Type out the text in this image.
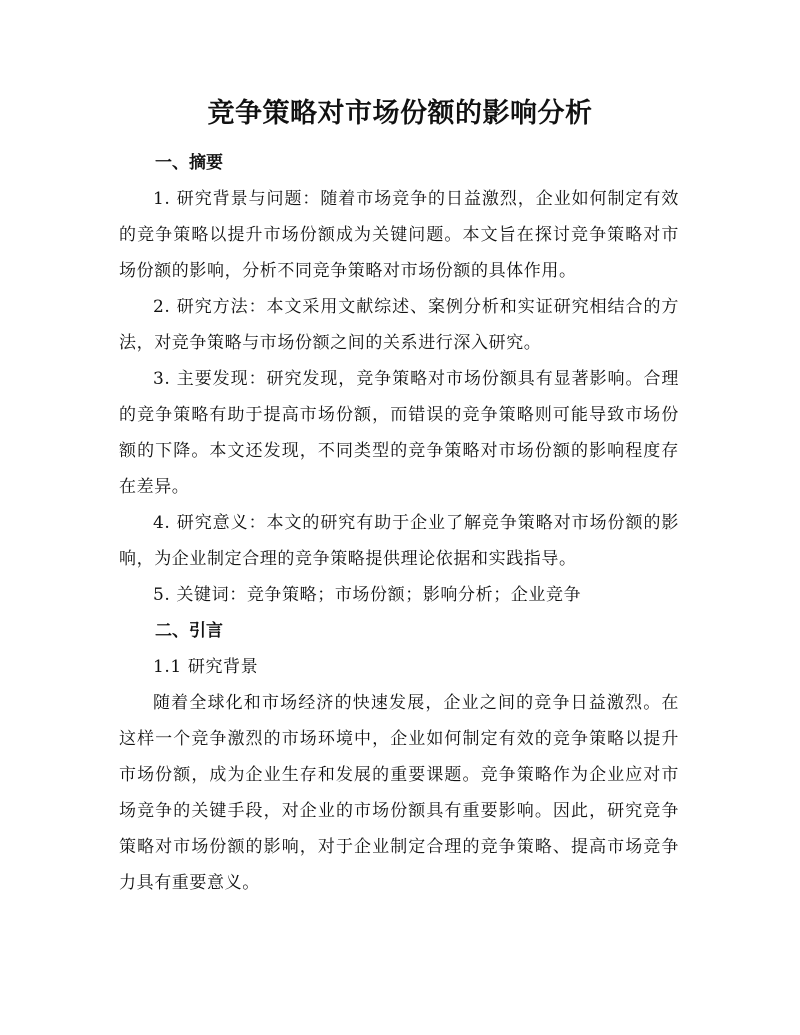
竞争策略对市场份额的影响分析

一、摘要

1. 研究背景与问题：随着市场竞争的日益激烈，企业如何制定有效的竞争策略以提升市场份额成为关键问题。本文旨在探讨竞争策略对市场份额的影响，分析不同竞争策略对市场份额的具体作用。

2. 研究方法：本文采用文献综述、案例分析和实证研究相结合的方法，对竞争策略与市场份额之间的关系进行深入研究。

3. 主要发现：研究发现，竞争策略对市场份额具有显著影响。合理的竞争策略有助于提高市场份额，而错误的竞争策略则可能导致市场份额的下降。本文还发现，不同类型的竞争策略对市场份额的影响程度存在差异。

4. 研究意义：本文的研究有助于企业了解竞争策略对市场份额的影响，为企业制定合理的竞争策略提供理论依据和实践指导。

5. 关键词：竞争策略；市场份额；影响分析；企业竞争

二、引言

1.1 研究背景

随着全球化和市场经济的快速发展，企业之间的竞争日益激烈。在这样一个竞争激烈的市场环境中，企业如何制定有效的竞争策略以提升市场份额，成为企业生存和发展的重要课题。竞争策略作为企业应对市场竞争的关键手段，对企业的市场份额具有重要影响。因此，研究竞争策略对市场份额的影响，对于企业制定合理的竞争策略、提高市场竞争力具有重要意义。
